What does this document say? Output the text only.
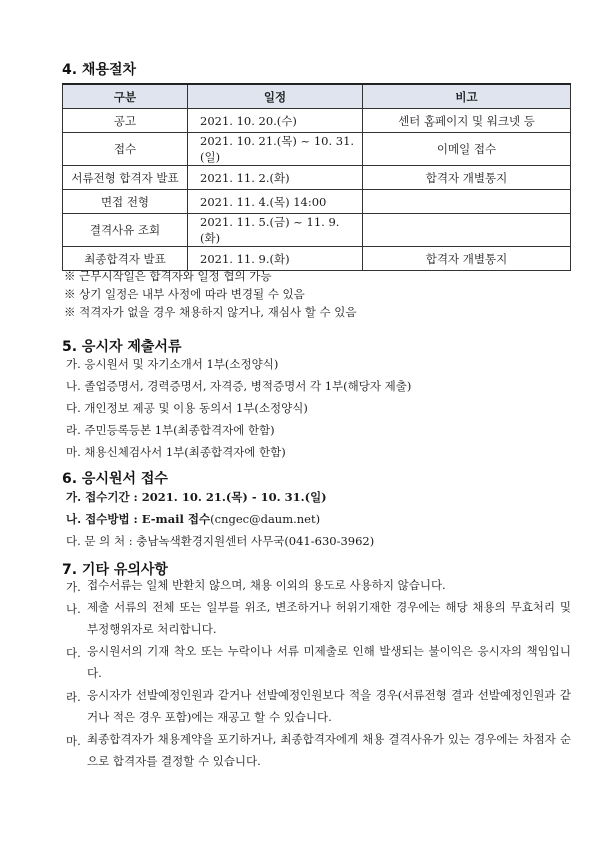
4. 채용절차
구분	일정	비고
공고	2021. 10. 20.(수)	센터 홈페이지 및 워크넷 등
접수	2021. 10. 21.(목) ~ 10. 31.(일)	이메일 접수
서류전형 합격자 발표	2021. 11. 2.(화)	합격자 개별통지
면접 전형	2021. 11. 4.(목) 14:00	
결격사유 조회	2021. 11. 5.(금) ~ 11. 9.(화)	
최종합격자 발표	2021. 11. 9.(화)	합격자 개별통지
※ 근무시작일은 합격자와 일정 협의 가능
※ 상기 일정은 내부 사정에 따라 변경될 수 있음
※ 적격자가 없을 경우 채용하지 않거나, 재심사 할 수 있음
5. 응시자 제출서류
가. 응시원서 및 자기소개서 1부(소정양식)
나. 졸업증명서, 경력증명서, 자격증, 병적증명서 각 1부(해당자 제출)
다. 개인정보 제공 및 이용 동의서 1부(소정양식)
라. 주민등록등본 1부(최종합격자에 한함)
마. 채용신체검사서 1부(최종합격자에 한함)
6. 응시원서 접수
가. 접수기간 : 2021. 10. 21.(목) - 10. 31.(일)
나. 접수방법 : E-mail 접수(cngec@daum.net)
다. 문 의 처 : 충남녹색환경지원센터 사무국(041-630-3962)
7. 기타 유의사항
가. 접수서류는 일체 반환치 않으며, 채용 이외의 용도로 사용하지 않습니다.
나. 제출 서류의 전체 또는 일부를 위조, 변조하거나 허위기재한 경우에는 해당 채용의 무효처리 및 부정행위자로 처리합니다.
다. 응시원서의 기재 착오 또는 누락이나 서류 미제출로 인해 발생되는 불이익은 응시자의 책임입니다.
라. 응시자가 선발예정인원과 같거나 선발예정인원보다 적을 경우(서류전형 결과 선발예정인원과 같거나 적은 경우 포함)에는 재공고 할 수 있습니다.
마. 최종합격자가 채용계약을 포기하거나, 최종합격자에게 채용 결격사유가 있는 경우에는 차점자 순으로 합격자를 결정할 수 있습니다.
